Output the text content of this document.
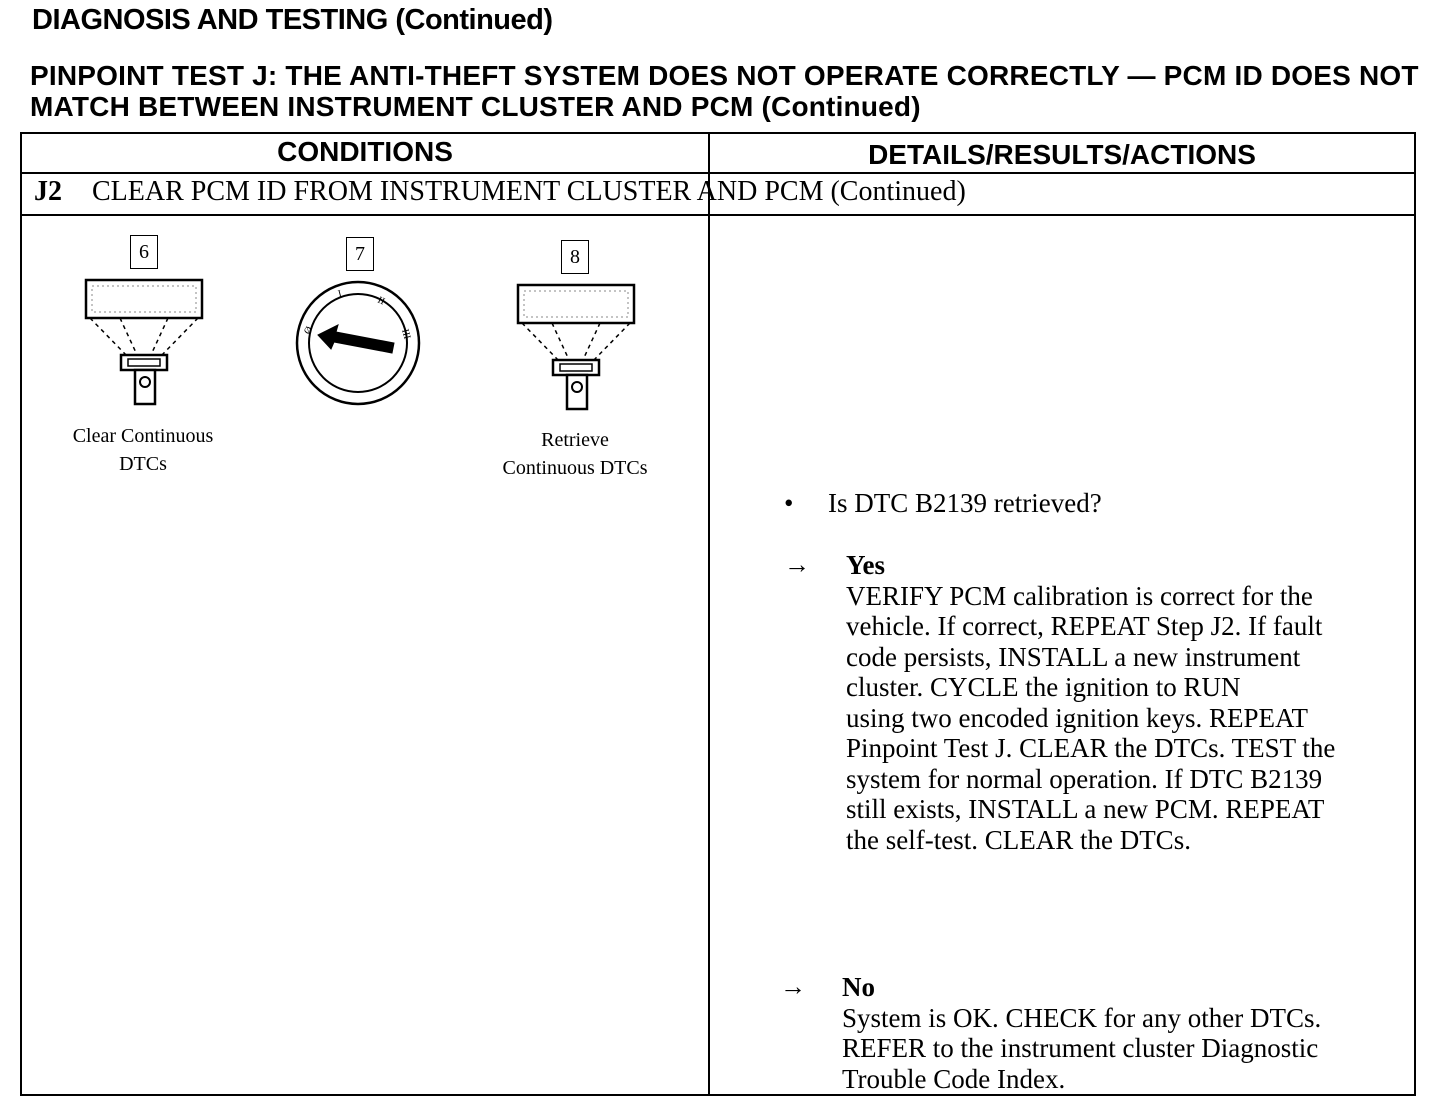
DIAGNOSIS AND TESTING (Continued)
PINPOINT TEST J: THE ANTI-THEFT SYSTEM DOES NOT OPERATE CORRECTLY — PCM ID DOES NOT MATCH BETWEEN INSTRUMENT CLUSTER AND PCM (Continued)
CONDITIONS	DETAILS/RESULTS/ACTIONS
J2 CLEAR PCM ID FROM INSTRUMENT CLUSTER AND PCM (Continued)
6
Clear Continuous
DTCs
7
Ø
I
II
III
8
Retrieve
Continuous DTCs
• Is DTC B2139 retrieved?
→ Yes
VERIFY PCM calibration is correct for the
vehicle. If correct, REPEAT Step J2. If fault
code persists, INSTALL a new instrument
cluster. CYCLE the ignition to RUN
using two encoded ignition keys. REPEAT
Pinpoint Test J. CLEAR the DTCs. TEST the
system for normal operation. If DTC B2139
still exists, INSTALL a new PCM. REPEAT
the self-test. CLEAR the DTCs.
→ No
System is OK. CHECK for any other DTCs.
REFER to the instrument cluster Diagnostic
Trouble Code Index.
